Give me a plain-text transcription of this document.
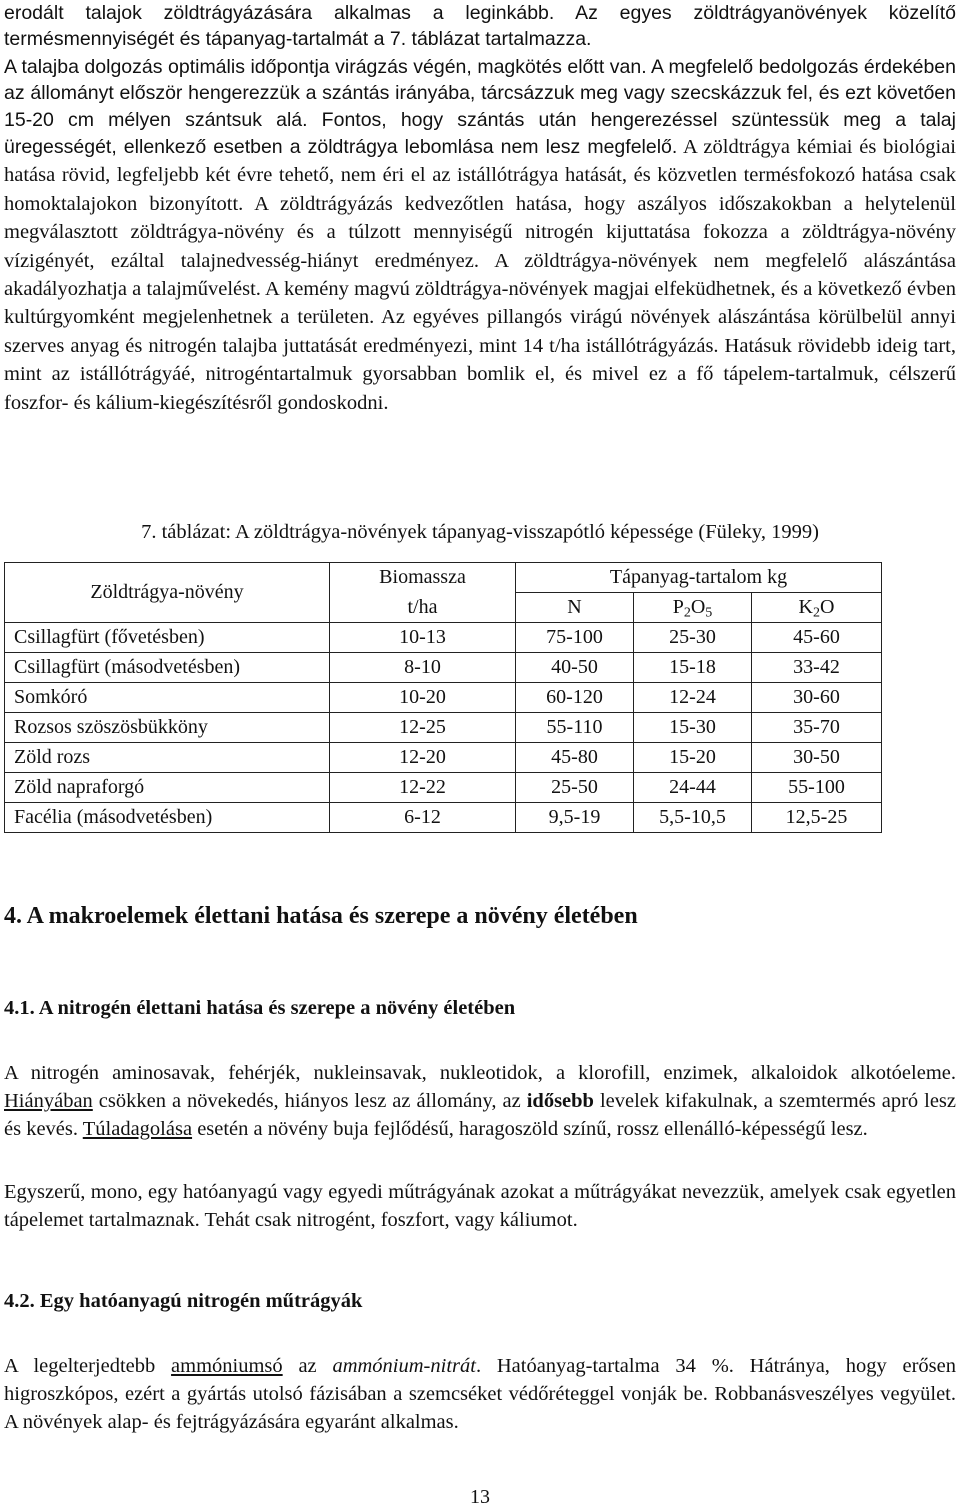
erodált talajok zöldtrágyázására alkalmas a leginkább. Az egyes zöldtrágyanövények közelítő termésmennyiségét és tápanyag-tartalmát a 7. táblázat tartalmazza.

A talajba dolgozás optimális időpontja virágzás végén, magkötés előtt van. A megfelelő bedolgozás érdekében az állományt először hengerezzük a szántás irányába, tárcsázzuk meg vagy szecskázzuk fel, és ezt követően 15-20 cm mélyen szántsuk alá. Fontos, hogy szántás után hengerezéssel szüntessük meg a talaj üregességét, ellenkező esetben a zöldtrágya lebomlása nem lesz megfelelő. A zöldtrágya kémiai és biológiai hatása rövid, legfeljebb két évre tehető, nem éri el az istállótrágya hatását, és közvetlen termésfokozó hatása csak homoktalajokon bizonyított. A zöldtrágyázás kedvezőtlen hatása, hogy aszályos időszakokban a helytelenül megválasztott zöldtrágya-növény és a túlzott mennyiségű nitrogén kijuttatása fokozza a zöldtrágya-növény vízigényét, ezáltal talajnedvesség-hiányt eredményez. A zöldtrágya-növények nem megfelelő alászántása akadályozhatja a talajművelést. A kemény magvú zöldtrágya-növények magjai elfeküdhetnek, és a következő évben kultúrgyomként megjelenhetnek a területen. Az egyéves pillangós virágú növények alászántása körülbelül annyi szerves anyag és nitrogén talajba juttatását eredményezi, mint 14 t/ha istállótrágyázás. Hatásuk rövidebb ideig tart, mint az istállótrágyáé, nitrogéntartalmuk gyorsabban bomlik el, és mivel ez a fő tápelem-tartalmuk, célszerű foszfor- és kálium-kiegészítésről gondoskodni.

7. táblázat: A zöldtrágya-növények tápanyag-visszapótló képessége (Füleky, 1999)

Zöldtrágya-növény	Biomassza	Tápanyag-tartalom kg		
	t/ha	N	$P_2O_5$	$K_2O$
Csillagfürt (fővetésben)	10-13	75-100	25-30	45-60
Csillagfürt (másodvetésben)	8-10	40-50	15-18	33-42
Somkóró	10-20	60-120	12-24	30-60
Rozsos szöszösbükköny	12-25	55-110	15-30	35-70
Zöld rozs	12-20	45-80	15-20	30-50
Zöld napraforgó	12-22	25-50	24-44	55-100
Facélia (másodvetésben)	6-12	9,5-19	5,5-10,5	12,5-25
4. A makroelemek élettani hatása és szerepe a növény életében
4.1. A nitrogén élettani hatása és szerepe a növény életében

A nitrogén aminosavak, fehérjék, nukleinsavak, nukleotidok, a klorofill, enzimek, alkaloidok alkotóeleme. Hiányában csökken a növekedés, hiányos lesz az állomány, az idősebb levelek kifakulnak, a szemtermés apró lesz és kevés. Túladagolása esetén a növény buja fejlődésű, haragoszöld színű, rossz ellenálló-képességű lesz.

Egyszerű, mono, egy hatóanyagú vagy egyedi műtrágyának azokat a műtrágyákat nevezzük, amelyek csak egyetlen tápelemet tartalmaznak. Tehát csak nitrogént, foszfort, vagy káliumot.

4.2. Egy hatóanyagú nitrogén műtrágyák

A legelterjedtebb ammóniumsó az ammónium-nitrát. Hatóanyag-tartalma 34 %. Hátránya, hogy erősen higroszkópos, ezért a gyártás utolsó fázisában a szemcséket védőréteggel vonják be. Robbanásveszélyes vegyület. A növények alap- és fejtrágyázására egyaránt alkalmas.

13
